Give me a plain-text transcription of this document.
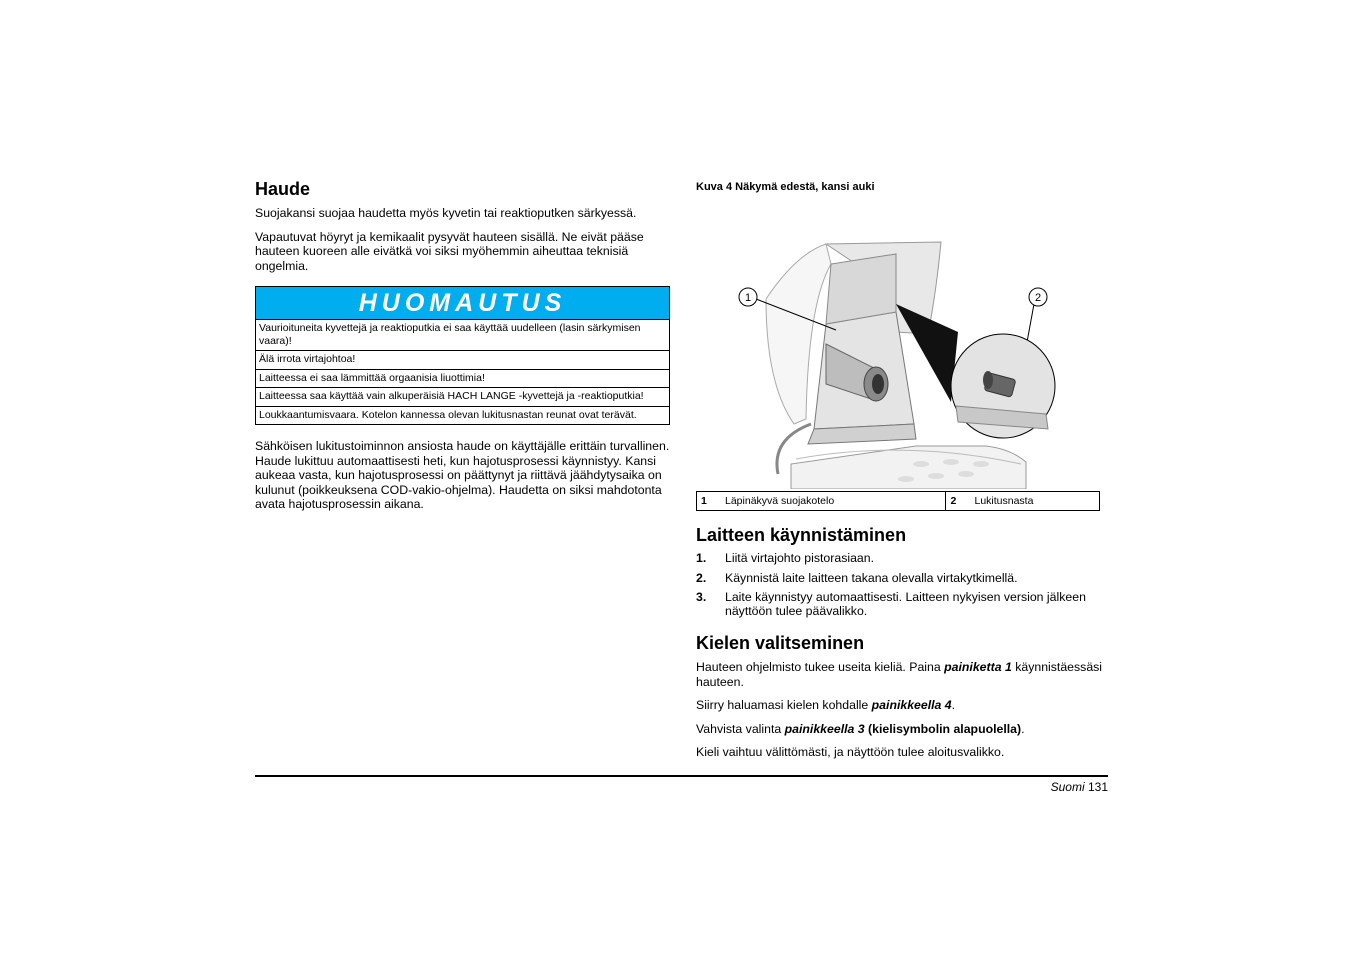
Haude

Suojakansi suojaa haudetta myös kyvetin tai reaktioputken särkyessä.

Vapautuvat höyryt ja kemikaalit pysyvät hauteen sisällä. Ne eivät pääse hauteen kuoreen alle eivätkä voi siksi myöhemmin aiheuttaa teknisiä ongelmia.

HUOMAUTUS
Vaurioituneita kyvettejä ja reaktioputkia ei saa käyttää uudelleen (lasin särkymisen vaara)!
Älä irrota virtajohtoa!
Laitteessa ei saa lämmittää orgaanisia liuottimia!
Laitteessa saa käyttää vain alkuperäisiä HACH LANGE -kyvettejä ja -reaktioputkia!
Loukkaantumisvaara. Kotelon kannessa olevan lukitusnastan reunat ovat terävät.

Sähköisen lukitustoiminnon ansiosta haude on käyttäjälle erittäin turvallinen. Haude lukittuu automaattisesti heti, kun hajotusprosessi käynnistyy. Kansi aukeaa vasta, kun hajotusprosessi on päättynyt ja riittävä jäähdytysaika on kulunut (poikkeuksena COD-vakio-ohjelma). Haudetta on siksi mahdotonta avata hajotusprosessin aikana.

Kuva 4 Näkymä edestä, kansi auki
1	2
1	Läpinäkyvä suojakotelo	2	Lukitusnasta
Laitteen käynnistäminen
1.	Liitä virtajohto pistorasiaan.
2.	Käynnistä laite laitteen takana olevalla virtakytkimellä.
3.	Laite käynnistyy automaattisesti. Laitteen nykyisen version jälkeen näyttöön tulee päävalikko.
Kielen valitseminen

Hauteen ohjelmisto tukee useita kieliä. Paina painiketta 1 käynnistäessäsi hauteen.

Siirry haluamasi kielen kohdalle painikkeella 4.

Vahvista valinta painikkeella 3 (kielisymbolin alapuolella).

Kieli vaihtuu välittömästi, ja näyttöön tulee aloitusvalikko.

Suomi 131
